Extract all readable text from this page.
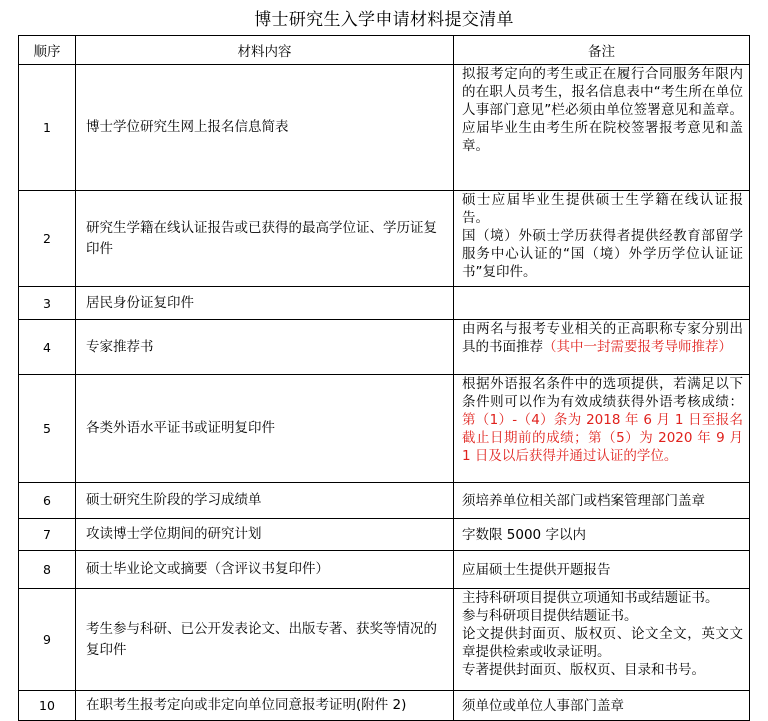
博士研究生入学申请材料提交清单
顺序	材料内容	备注
1	博士学位研究生网上报名信息简表	拟报考定向的考生或正在履行合同服务年限内的在职人员考生，报名信息表中“考生所在单位人事部门意见”栏必须由单位签署意见和盖章。应届毕业生由考生所在院校签署报考意见和盖章。
2	研究生学籍在线认证报告或已获得的最高学位证、学历证复印件	硕士应届毕业生提供硕士生学籍在线认证报告。
国（境）外硕士学历获得者提供经教育部留学服务中心认证的“国（境）外学历学位认证证书”复印件。

3	居民身份证复印件	
4	专家推荐书	由两名与报考专业相关的正高职称专家分别出具的书面推荐（其中一封需要报考导师推荐）
5	各类外语水平证书或证明复印件	根据外语报名条件中的选项提供，若满足以下条件则可以作为有效成绩获得外语考核成绩：第（1）-（4）条为 2018 年 6 月 1 日至报名截止日期前的成绩；第（5）为 2020 年 9 月 1 日及以后获得并通过认证的学位。
6	硕士研究生阶段的学习成绩单	须培养单位相关部门或档案管理部门盖章
7	攻读博士学位期间的研究计划	字数限 5000 字以内
8	硕士毕业论文或摘要（含评议书复印件）	应届硕士生提供开题报告
9	考生参与科研、已公开发表论文、出版专著、获奖等情况的复印件	主持科研项目提供立项通知书或结题证书。
参与科研项目提供结题证书。
论文提供封面页、版权页、论文全文，英文文章提供检索或收录证明。
专著提供封面页、版权页、目录和书号。

10	在职考生报考定向或非定向单位同意报考证明(附件 2)	须单位或单位人事部门盖章
